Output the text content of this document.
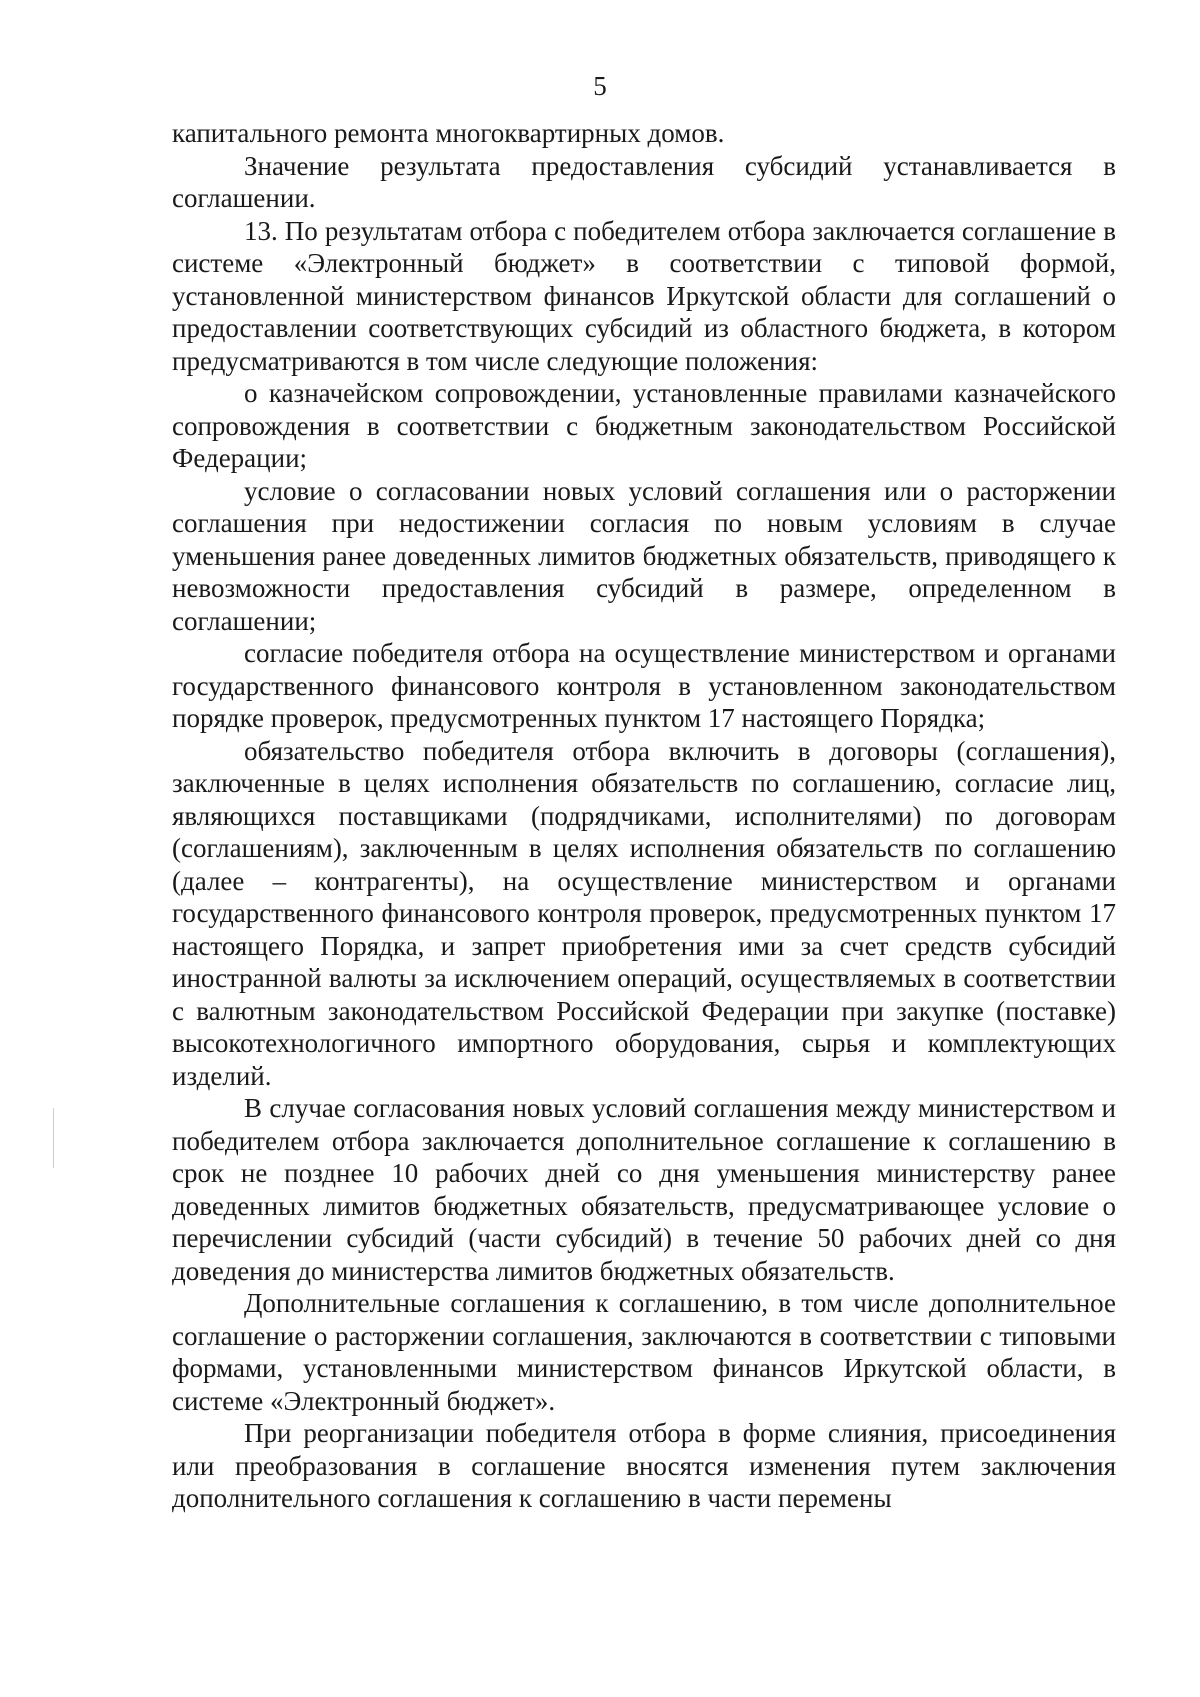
5

капитального ремонта многоквартирных домов.

Значение результата предоставления субсидий устанавливается в соглашении.

13. По результатам отбора с победителем отбора заключается соглашение в системе «Электронный бюджет» в соответствии с типовой формой, установленной министерством финансов Иркутской области для соглашений о предоставлении соответствующих субсидий из областного бюджета, в котором предусматриваются в том числе следующие положения:

о казначейском сопровождении, установленные правилами казначейского сопровождения в соответствии с бюджетным законодательством Российской Федерации;

условие о согласовании новых условий соглашения или о расторжении соглашения при недостижении согласия по новым условиям в случае уменьшения ранее доведенных лимитов бюджетных обязательств, приводящего к невозможности предоставления субсидий в размере, определенном в соглашении;

согласие победителя отбора на осуществление министерством и органами государственного финансового контроля в установленном законодательством порядке проверок, предусмотренных пунктом 17 настоящего Порядка;

обязательство победителя отбора включить в договоры (соглашения), заключенные в целях исполнения обязательств по соглашению, согласие лиц, являющихся поставщиками (подрядчиками, исполнителями) по договорам (соглашениям), заключенным в целях исполнения обязательств по соглашению (далее – контрагенты), на осуществление министерством и органами государственного финансового контроля проверок, предусмотренных пунктом 17 настоящего Порядка, и запрет приобретения ими за счет средств субсидий иностранной валюты за исключением операций, осуществляемых в соответствии с валютным законодательством Российской Федерации при закупке (поставке) высокотехнологичного импортного оборудования, сырья и комплектующих изделий.

В случае согласования новых условий соглашения между министерством и победителем отбора заключается дополнительное соглашение к соглашению в срок не позднее 10 рабочих дней со дня уменьшения министерству ранее доведенных лимитов бюджетных обязательств, предусматривающее условие о перечислении субсидий (части субсидий) в течение 50 рабочих дней со дня доведения до министерства лимитов бюджетных обязательств.

Дополнительные соглашения к соглашению, в том числе дополнительное соглашение о расторжении соглашения, заключаются в соответствии с типовыми формами, установленными министерством финансов Иркутской области, в системе «Электронный бюджет».

При реорганизации победителя отбора в форме слияния, присоединения или преобразования в соглашение вносятся изменения путем заключения дополнительного соглашения к соглашению в части перемены
